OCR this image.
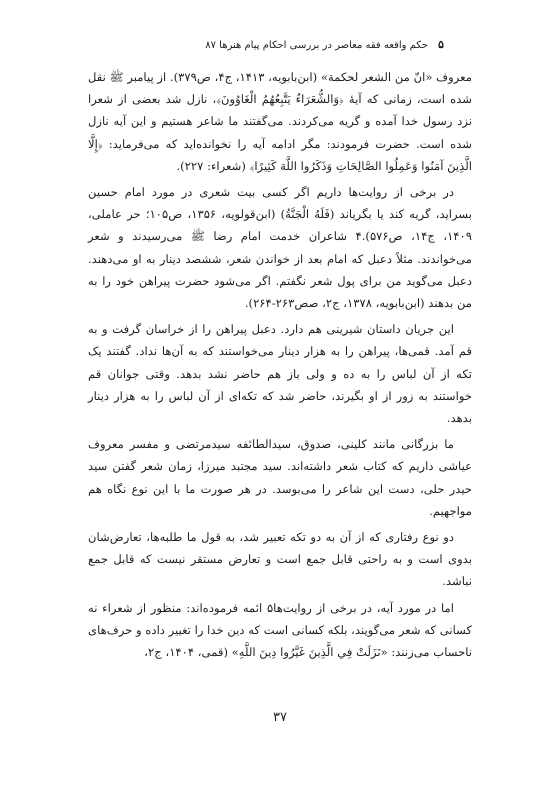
۵
حکم واقعه فقه معاصر در بررسی احکام پیام هنرها ۸۷

معروف «انّ من الشعر لحکمة» (ابن‌بابویه، ۱۴۱۳، ج۴، ص۳۷۹). از پیامبر ﷺ نقل شده است، زمانی که آیهٔ ﴿وَالشُّعَرَاءُ يَتَّبِعُهُمُ الْغَاوُونَ﴾، نازل شد بعضی از شعرا نزد رسول خدا آمده و گریه می‌کردند. می‌گفتند ما شاعر هستیم و این آیه نازل شده است. حضرت فرمودند: مگر ادامه آیه را نخوانده‌اید که می‌فرماید: ﴿إِلَّا الَّذِينَ آمَنُوا وَعَمِلُوا الصَّالِحَاتِ وَذَكَرُوا اللَّهَ كَثِيرًا﴾ (شعراء: ۲۲۷).

در برخی از روایت‌ها داریم اگر کسی بیت شعری در مورد امام حسین بسراید، گریه کند یا بگریاند (فَلَهُ الْجَنَّةُ) (ابن‌قولویه، ۱۳۵۶، ص۱۰۵؛ حر عاملی، ۱۴۰۹، ج۱۴، ص۵۷۶).۴ شاعران خدمت امام رضا ﷺ می‌رسیدند و شعر می‌خواندند. مثلاً دعبل که امام بعد از خواندن شعر، ششصد دینار به او می‌دهند. دعبل می‌گوید من برای پول شعر نگفتم. اگر می‌شود حضرت پیراهن خود را به من بدهند (ابن‌بابویه، ۱۳۷۸، ج۲، صص۲۶۳-۲۶۴).

این جریان داستان شیرینی هم دارد. دعبل پیراهن را از خراسان گرفت و به قم آمد. قمی‌ها، پیراهن را به هزار دینار می‌خواستند که به آن‌ها نداد. گفتند یک تکه از آن لباس را به ده و ولی باز هم حاضر نشد بدهد. وقتی جوانان قم خواستند به زور از او بگیرند، حاضر شد که تکه‌ای از آن لباس را به هزار دینار بدهد.

ما بزرگانی مانند کلینی، صدوق، سیدالطائفه سیدمرتضی و مفسر معروف عیاشی داریم که کتاب شعر داشته‌اند. سید مجتبد میرزا، زمان شعر گفتن سید حیدر حلی، دست این شاعر را می‌بوسد. در هر صورت ما با این نوع نگاه هم مواجهیم.

دو نوع رفتاری که از آن به دو تکه تعبیر شد، به قول ما طلبه‌ها، تعارض‌شان بدوی است و به راحتی قابل جمع است و تعارض مستقر نیست که قابل جمع نباشد.

اما در مورد آیه، در برخی از روایت‌ها۵ ائمه فرموده‌اند: منظور از شعراء نه کسانی که شعر می‌گویند، بلکه کسانی است که دین خدا را تغییر داده و حرف‌های ناحساب می‌زنند: «نَزَلَتْ فِي الَّذِينَ غَيَّرُوا دِينَ اللَّهِ» (قمی، ۱۴۰۴، ج۲،

۳۷
